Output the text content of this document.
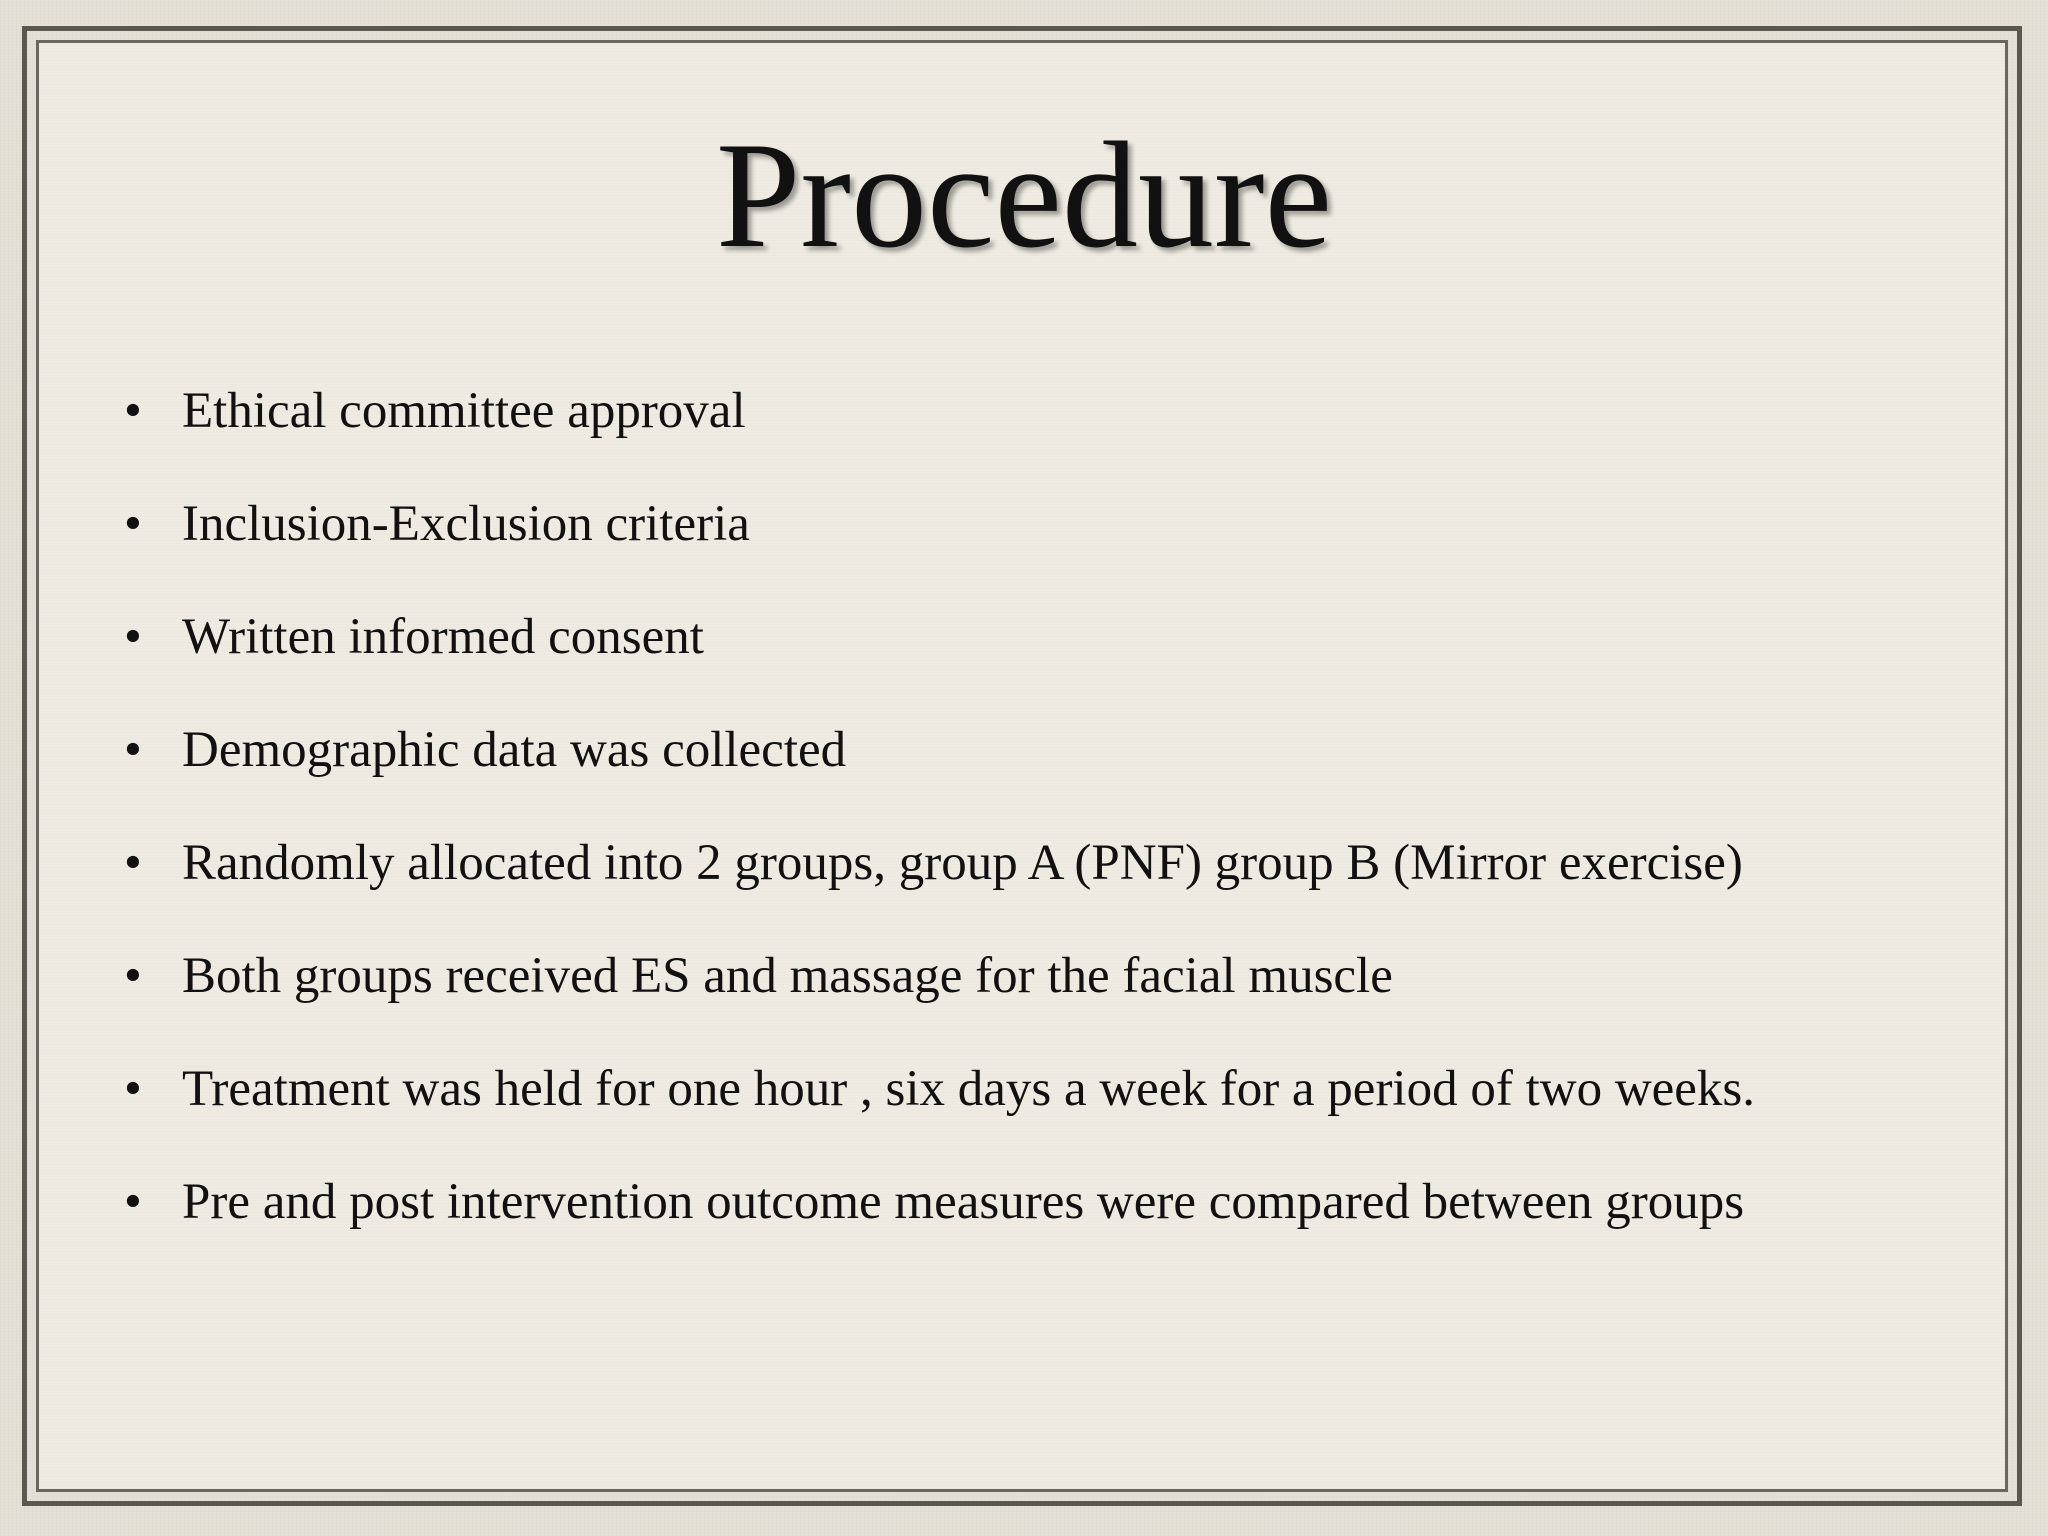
Procedure
• Ethical committee approval
• Inclusion-Exclusion criteria
• Written informed consent
• Demographic data was collected
• Randomly allocated into 2 groups, group A (PNF) group B (Mirror exercise)
• Both groups received ES and massage for the facial muscle
• Treatment was held for one hour , six days a week for a period of two weeks.
• Pre and post intervention outcome measures were compared between groups
